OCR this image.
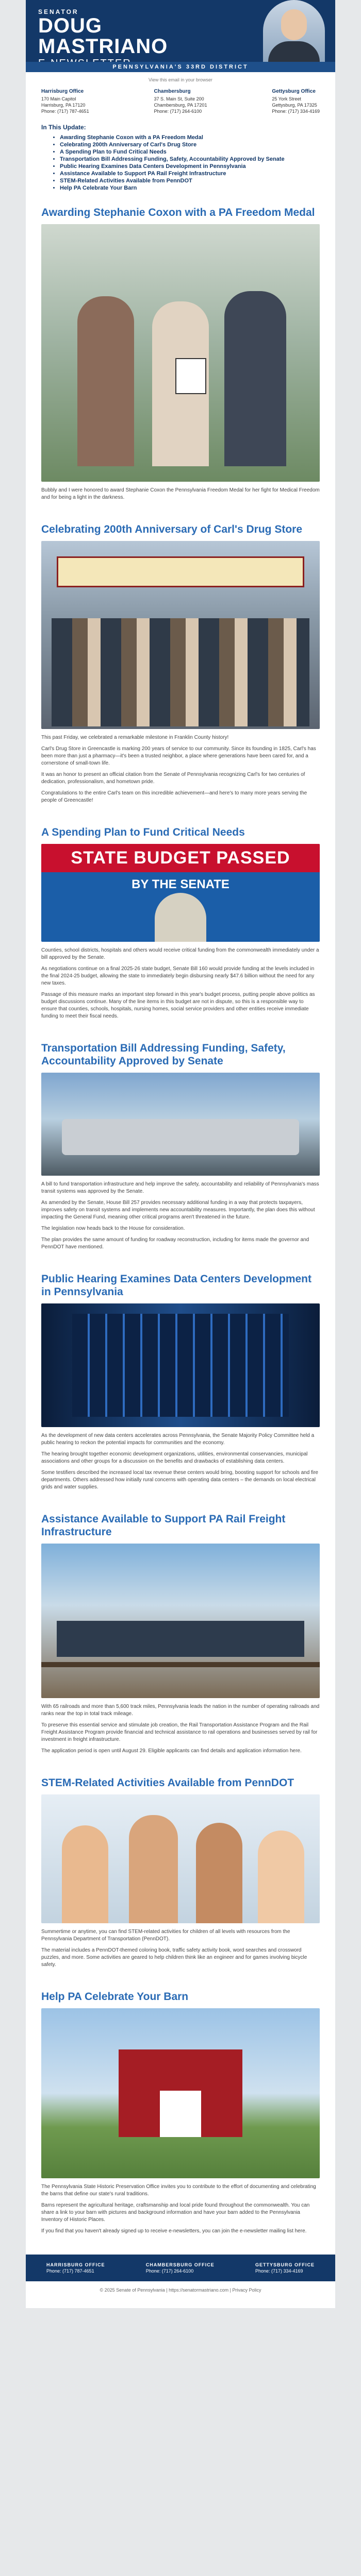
SENATOR
DOUG
MASTRIANO
PENNSYLVANIA'S 33RD DISTRICT
View this email in your browser
Harrisburg Office
170 Main Capitol
Harrisburg, PA 17120
Phone: (717) 787-4651
Chambersburg
37 S. Main St, Suite 200
Chambersburg, PA 17201
Phone: (717) 264-6100
Gettysburg Office
25 York Street
Gettysburg, PA 17325
Phone: (717) 334-4169
In This Update:
• Awarding Stephanie Coxon with a PA Freedom Medal
• Celebrating 200th Anniversary of Carl's Drug Store
• A Spending Plan to Fund Critical Needs
• Transportation Bill Addressing Funding, Safety, Accountability Approved by Senate
• Public Hearing Examines Data Centers Development in Pennsylvania
• Assistance Available to Support PA Rail Freight Infrastructure
• STEM-Related Activities Available from PennDOT
• Help PA Celebrate Your Barn
Awarding Stephanie Coxon with a PA Freedom Medal

Bubbly and I were honored to award Stephanie Coxon the Pennsylvania Freedom Medal for her fight for Medical Freedom and for being a light in the darkness.

Celebrating 200th Anniversary of Carl's Drug Store

This past Friday, we celebrated a remarkable milestone in Franklin County history!

Carl's Drug Store in Greencastle is marking 200 years of service to our community. Since its founding in 1825, Carl's has been more than just a pharmacy—it's been a trusted neighbor, a place where generations have been cared for, and a cornerstone of small-town life.

It was an honor to present an official citation from the Senate of Pennsylvania recognizing Carl's for two centuries of dedication, professionalism, and hometown pride.

Congratulations to the entire Carl's team on this incredible achievement—and here's to many more years serving the people of Greencastle!

A Spending Plan to Fund Critical Needs
STATE BUDGET PASSED
BY THE SENATE

Counties, school districts, hospitals and others would receive critical funding from the commonwealth immediately under a bill approved by the Senate.

As negotiations continue on a final 2025-26 state budget, Senate Bill 160 would provide funding at the levels included in the final 2024-25 budget, allowing the state to immediately begin disbursing nearly $47.6 billion without the need for any new taxes.

Passage of this measure marks an important step forward in this year's budget process, putting people above politics as budget discussions continue. Many of the line items in this budget are not in dispute, so this is a responsible way to ensure that counties, schools, hospitals, nursing homes, social service providers and other entities receive immediate funding to meet their fiscal needs.

Transportation Bill Addressing Funding, Safety, Accountability Approved by Senate

A bill to fund transportation infrastructure and help improve the safety, accountability and reliability of Pennsylvania's mass transit systems was approved by the Senate.

As amended by the Senate, House Bill 257 provides necessary additional funding in a way that protects taxpayers, improves safety on transit systems and implements new accountability measures. Importantly, the plan does this without impacting the General Fund, meaning other critical programs aren't threatened in the future.

The legislation now heads back to the House for consideration.

The plan provides the same amount of funding for roadway reconstruction, including for items made the governor and PennDOT have mentioned.

Public Hearing Examines Data Centers Development in Pennsylvania

As the development of new data centers accelerates across Pennsylvania, the Senate Majority Policy Committee held a public hearing to reckon the potential impacts for communities and the economy.

The hearing brought together economic development organizations, utilities, environmental conservancies, municipal associations and other groups for a discussion on the benefits and drawbacks of establishing data centers.

Some testifiers described the increased local tax revenue these centers would bring, boosting support for schools and fire departments. Others addressed how initially rural concerns with operating data centers – the demands on local electrical grids and water supplies.

Assistance Available to Support PA Rail Freight Infrastructure

With 65 railroads and more than 5,600 track miles, Pennsylvania leads the nation in the number of operating railroads and ranks near the top in total track mileage.

To preserve this essential service and stimulate job creation, the Rail Transportation Assistance Program and the Rail Freight Assistance Program provide financial and technical assistance to rail operations and businesses served by rail for investment in freight infrastructure.

The application period is open until August 29. Eligible applicants can find details and application information here.

STEM-Related Activities Available from PennDOT

Summertime or anytime, you can find STEM-related activities for children of all levels with resources from the Pennsylvania Department of Transportation (PennDOT).

The material includes a PennDOT-themed coloring book, traffic safety activity book, word searches and crossword puzzles, and more. Some activities are geared to help children think like an engineer and for games involving bicycle safety.

Help PA Celebrate Your Barn

The Pennsylvania State Historic Preservation Office invites you to contribute to the effort of documenting and celebrating the barns that define our state's rural traditions.

Barns represent the agricultural heritage, craftsmanship and local pride found throughout the commonwealth. You can share a link to your barn with pictures and background information and have your barn added to the Pennsylvania Inventory of Historic Places.

If you find that you haven't already signed up to receive e-newsletters, you can join the e-newsletter mailing list here.

HARRISBURG OFFICE
Phone: (717) 787-4651
CHAMBERSBURG OFFICE
Phone: (717) 264-6100
GETTYSBURG OFFICE
Phone: (717) 334-4169
© 2025 Senate of Pennsylvania | https://senatormastriano.com | Privacy Policy
